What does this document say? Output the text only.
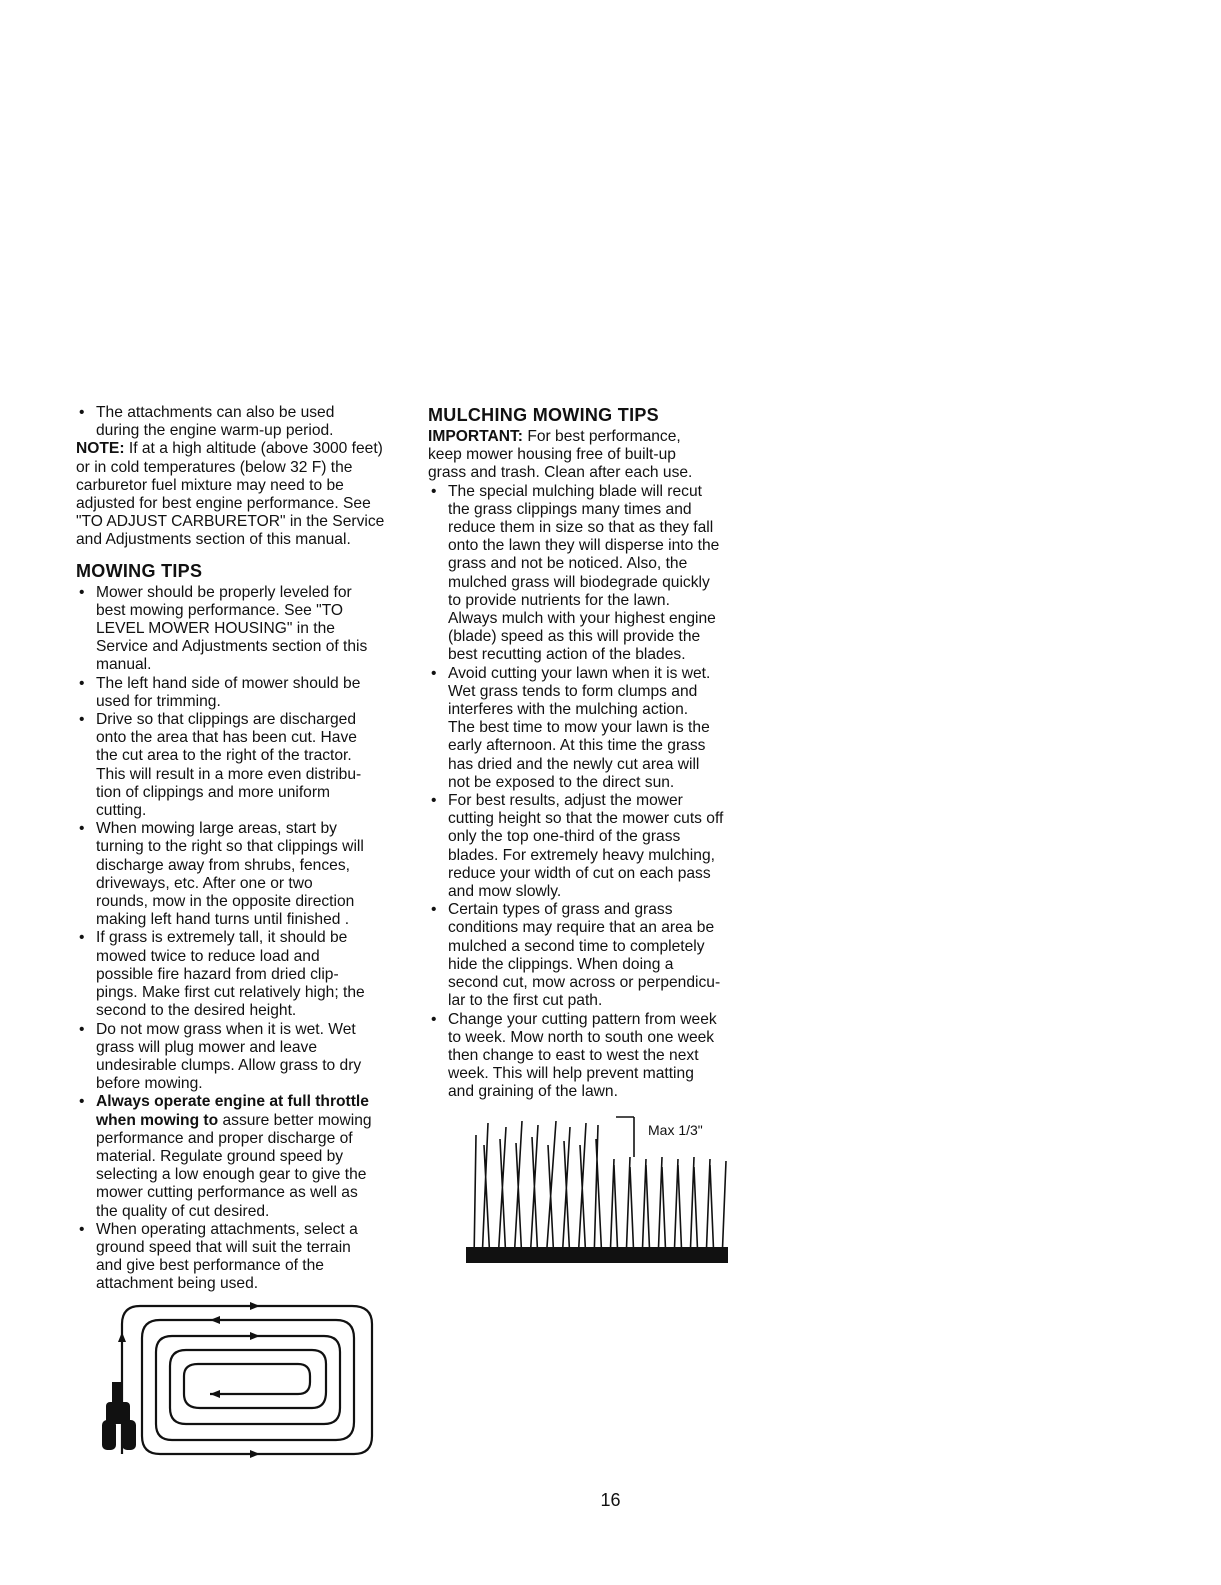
• The attachments can also be used
during the engine warm-up period.
NOTE: If at a high altitude (above 3000 feet)
or in cold temperatures (below 32 F) the
carburetor fuel mixture may need to be
adjusted for best engine performance. See
"TO ADJUST CARBURETOR" in the Service
and Adjustments section of this manual.
MOWING TIPS
• Mower should be properly leveled for
best mowing performance. See "TO
LEVEL MOWER HOUSING" in the
Service and Adjustments section of this
manual.
• The left hand side of mower should be
used for trimming.
• Drive so that clippings are discharged
onto the area that has been cut. Have
the cut area to the right of the tractor.
This will result in a more even distribu-
tion of clippings and more uniform
cutting.
• When mowing large areas, start by
turning to the right so that clippings will
discharge away from shrubs, fences,
driveways, etc. After one or two
rounds, mow in the opposite direction
making left hand turns until finished .
• If grass is extremely tall, it should be
mowed twice to reduce load and
possible fire hazard from dried clip-
pings. Make first cut relatively high; the
second to the desired height.
• Do not mow grass when it is wet. Wet
grass will plug mower and leave
undesirable clumps. Allow grass to dry
before mowing.
• Always operate engine at full throttle
when mowing to assure better mowing
performance and proper discharge of
material. Regulate ground speed by
selecting a low enough gear to give the
mower cutting performance as well as
the quality of cut desired.
• When operating attachments, select a
ground speed that will suit the terrain
and give best performance of the
attachment being used.
MULCHING MOWING TIPS
IMPORTANT: For best performance,
keep mower housing free of built-up
grass and trash. Clean after each use.
• The special mulching blade will recut
the grass clippings many times and
reduce them in size so that as they fall
onto the lawn they will disperse into the
grass and not be noticed. Also, the
mulched grass will biodegrade quickly
to provide nutrients for the lawn.
Always mulch with your highest engine
(blade) speed as this will provide the
best recutting action of the blades.
• Avoid cutting your lawn when it is wet.
Wet grass tends to form clumps and
interferes with the mulching action.
The best time to mow your lawn is the
early afternoon. At this time the grass
has dried and the newly cut area will
not be exposed to the direct sun.
• For best results, adjust the mower
cutting height so that the mower cuts off
only the top one-third of the grass
blades. For extremely heavy mulching,
reduce your width of cut on each pass
and mow slowly.
• Certain types of grass and grass
conditions may require that an area be
mulched a second time to completely
hide the clippings. When doing a
second cut, mow across or perpendicu-
lar to the first cut path.
• Change your cutting pattern from week
to week. Mow north to south one week
then change to east to west the next
week. This will help prevent matting
and graining of the lawn.
Max 1/3"
16
